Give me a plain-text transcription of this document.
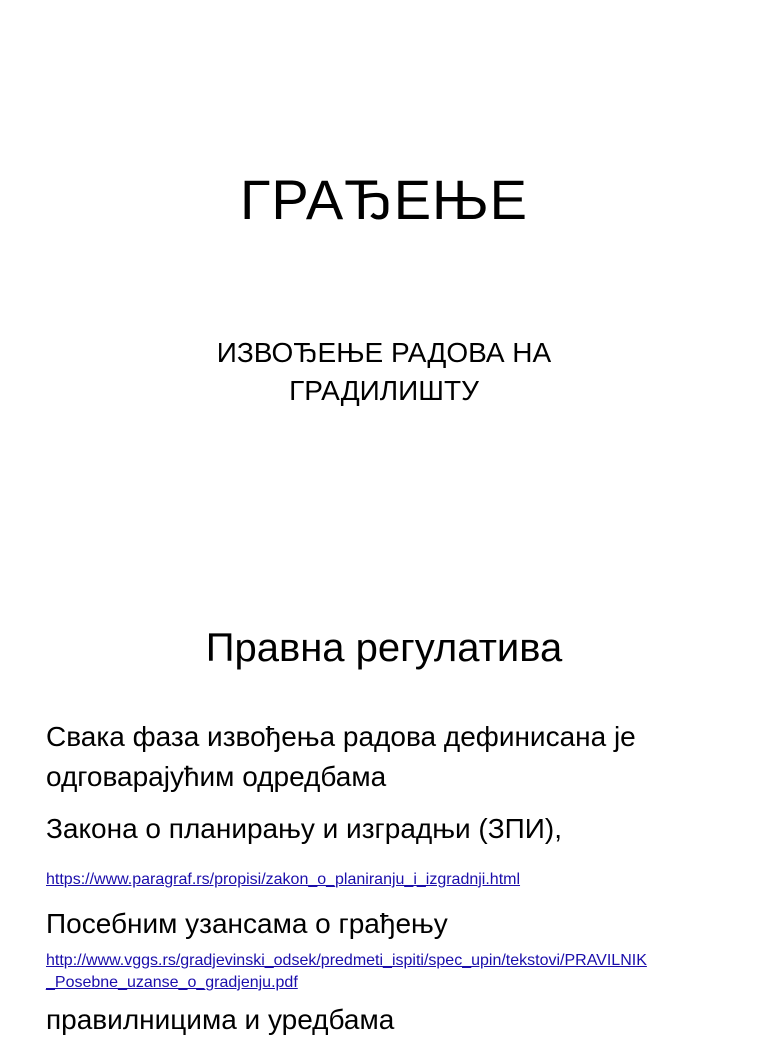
ГРАЂЕЊЕ
ИЗВОЂЕЊЕ РАДОВА НА
ГРАДИЛИШТУ
Правна регулатива
Свака фаза извођења радова дефинисана је
одговарајућим одредбама
Закона о планирању и изградњи (ЗПИ),
https://www.paragraf.rs/propisi/zakon_o_planiranju_i_izgradnji.html
Посебним узансама о грађењу
http://www.vggs.rs/gradjevinski_odsek/predmeti_ispiti/spec_upin/tekstovi/PRAVILNIK
_Posebne_uzanse_o_gradjenju.pdf
правилницима и уредбама
